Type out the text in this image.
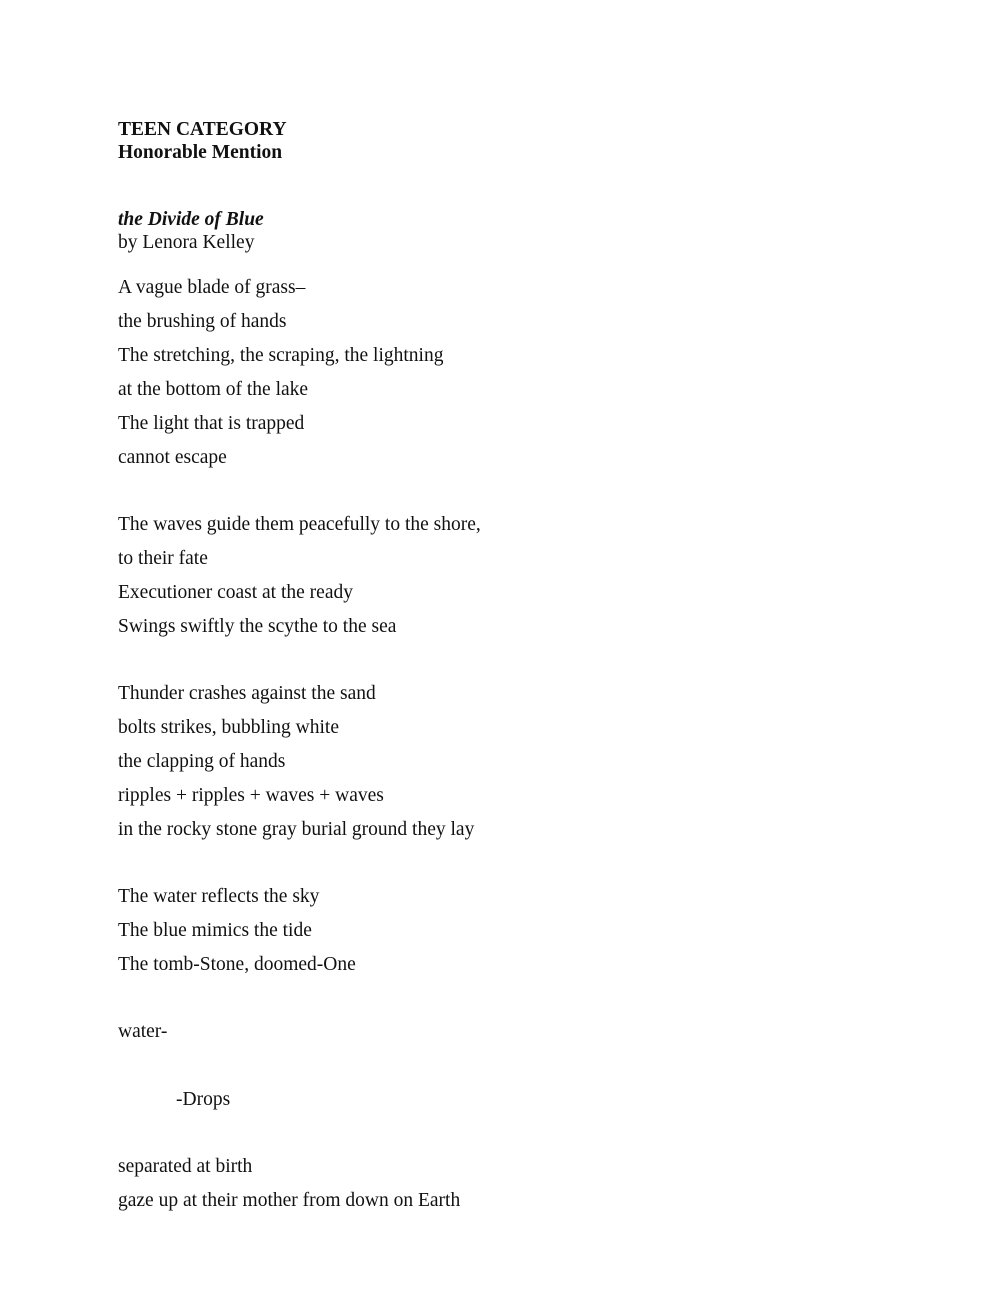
TEEN CATEGORY
Honorable Mention
the Divide of Blue
by Lenora Kelley
A vague blade of grass–
the brushing of hands
The stretching, the scraping, the lightning
at the bottom of the lake
The light that is trapped
cannot escape
The waves guide them peacefully to the shore,
to their fate
Executioner coast at the ready
Swings swiftly the scythe to the sea
Thunder crashes against the sand
bolts strikes, bubbling white
the clapping of hands
ripples + ripples + waves + waves
in the rocky stone gray burial ground they lay
The water reflects the sky
The blue mimics the tide
The tomb-Stone, doomed-One
water-
-Drops
separated at birth
gaze up at their mother from down on Earth
